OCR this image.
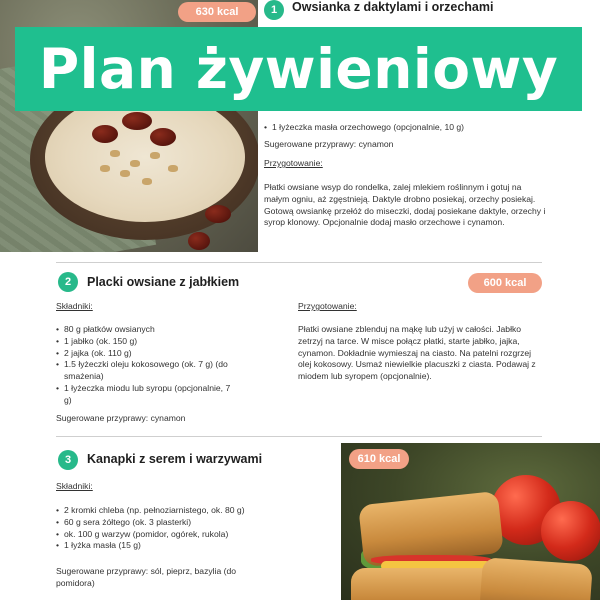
630 kcal	1	Owsianka z daktylami i orzechami
Plan żywieniowy
• 1 łyżeczka masła orzechowego (opcjonalnie, 10 g)
Sugerowane przyprawy: cynamon
Przygotowanie:
Płatki owsiane wsyp do rondelka, zalej mlekiem roślinnym i gotuj na małym ogniu, aż zgęstnieją. Daktyle drobno posiekaj, orzechy posiekaj. Gotową owsiankę przełóż do miseczki, dodaj posiekane daktyle, orzechy i syrop klonowy. Opcjonalnie dodaj masło orzechowe i cynamon.
2	Placki owsiane z jabłkiem	600 kcal
Składniki:
• 80 g płatków owsianych
• 1 jabłko (ok. 150 g)
• 2 jajka (ok. 110 g)
• 1.5 łyżeczki oleju kokosowego (ok. 7 g) (do smażenia)
• 1 łyżeczka miodu lub syropu (opcjonalnie, 7 g)
Sugerowane przyprawy: cynamon
Przygotowanie:
Płatki owsiane zblenduj na mąkę lub użyj w całości. Jabłko zetrzyj na tarce. W misce połącz płatki, starte jabłko, jajka, cynamon. Dokładnie wymieszaj na ciasto. Na patelni rozgrzej olej kokosowy. Usmaż niewielkie placuszki z ciasta. Podawaj z miodem lub syropem (opcjonalnie).
3	Kanapki z serem i warzywami
Składniki:
• 2 kromki chleba (np. pełnoziarnistego, ok. 80 g)
• 60 g sera żółtego (ok. 3 plasterki)
• ok. 100 g warzyw (pomidor, ogórek, rukola)
• 1 łyżka masła (15 g)
Sugerowane przyprawy: sól, pieprz, bazylia (do pomidora)
610 kcal
